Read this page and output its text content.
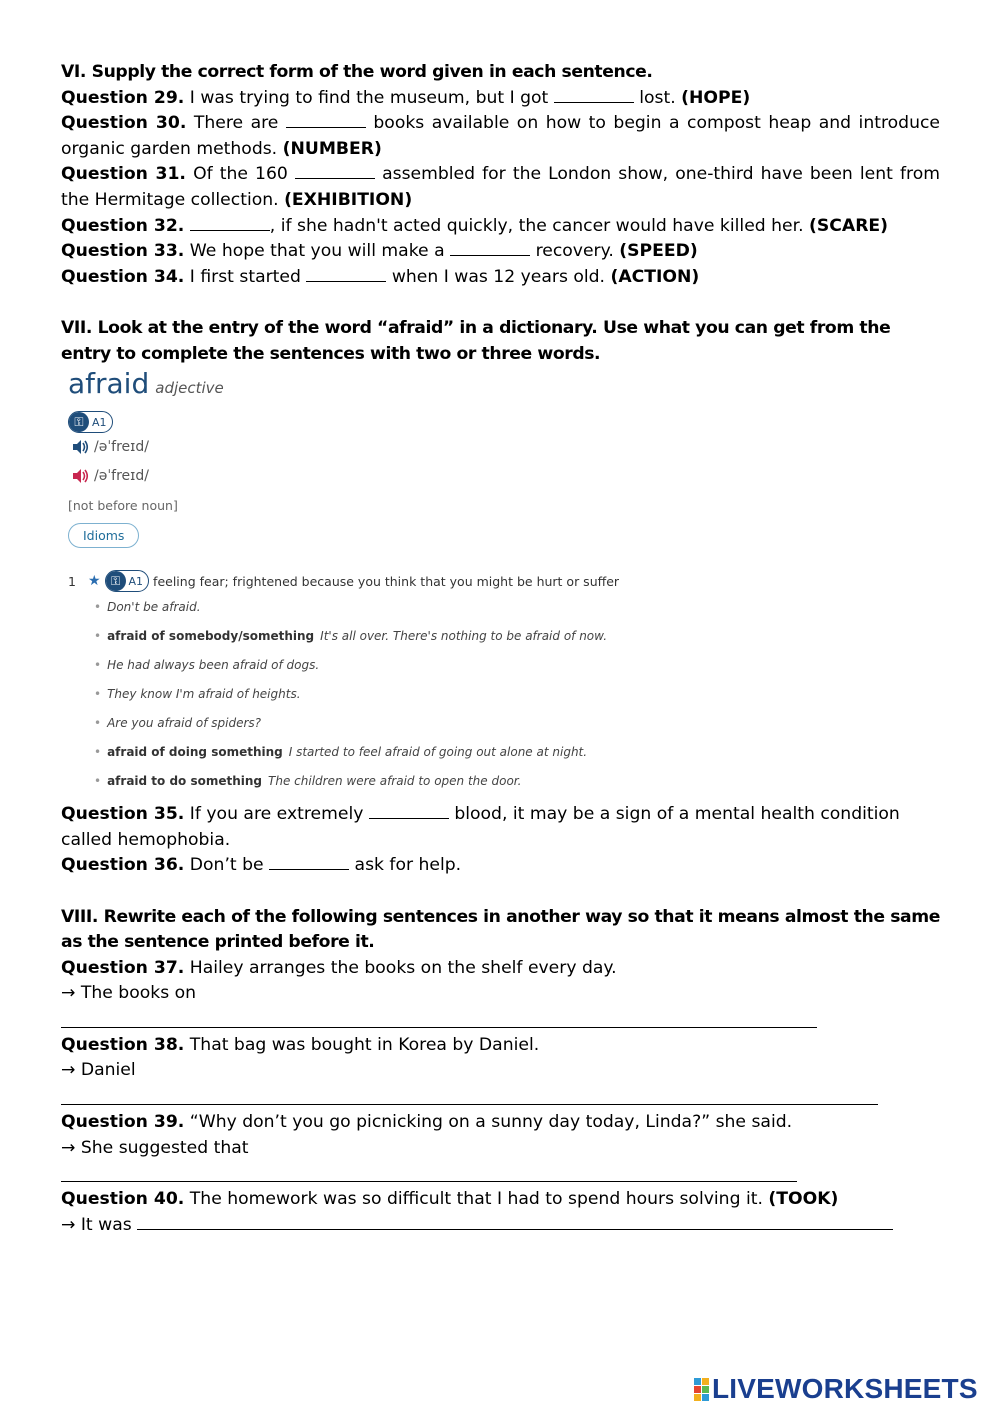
VI. Supply the correct form of the word given in each sentence.

Question 29. I was trying to find the museum, but I got	lost. (HOPE)

Question 30. There are	books available on how to begin a compost heap and introduce organic garden methods. (NUMBER)

Question 31. Of the 160	assembled for the London show, one-third have been lent from the Hermitage collection. (EXHIBITION)

Question 32.	, if she hadn't acted quickly, the cancer would have killed her. (SCARE)

Question 33. We hope that you will make a	recovery. (SPEED)

Question 34. I first started	when I was 12 years old. (ACTION)

VII. Look at the entry of the word “afraid” in a dictionary. Use what you can get from the entry to complete the sentences with two or three words.

afraid adjective
⚿ A1
/əˈfreɪd/
/əˈfreɪd/
[not before noun]
Idioms
1 ★ ⚿ A1 feeling fear; frightened because you think that you might be hurt or suffer
• Don't be afraid.
• afraid of somebody/something It's all over. There's nothing to be afraid of now.
• He had always been afraid of dogs.
• They know I'm afraid of heights.
• Are you afraid of spiders?
• afraid of doing something I started to feel afraid of going out alone at night.
• afraid to do something The children were afraid to open the door.

Question 35. If you are extremely	blood, it may be a sign of a mental health condition called hemophobia.

Question 36. Don’t be	ask for help.

VIII. Rewrite each of the following sentences in another way so that it means almost the same as the sentence printed before it.

Question 37. Hailey arranges the books on the shelf every day.

→ The books on

Question 38. That bag was bought in Korea by Daniel.

→ Daniel

Question 39. “Why don’t you go picnicking on a sunny day today, Linda?” she said.

→ She suggested that

Question 40. The homework was so difficult that I had to spend hours solving it. (TOOK)

→ It was

LIVEWORKSHEETS
